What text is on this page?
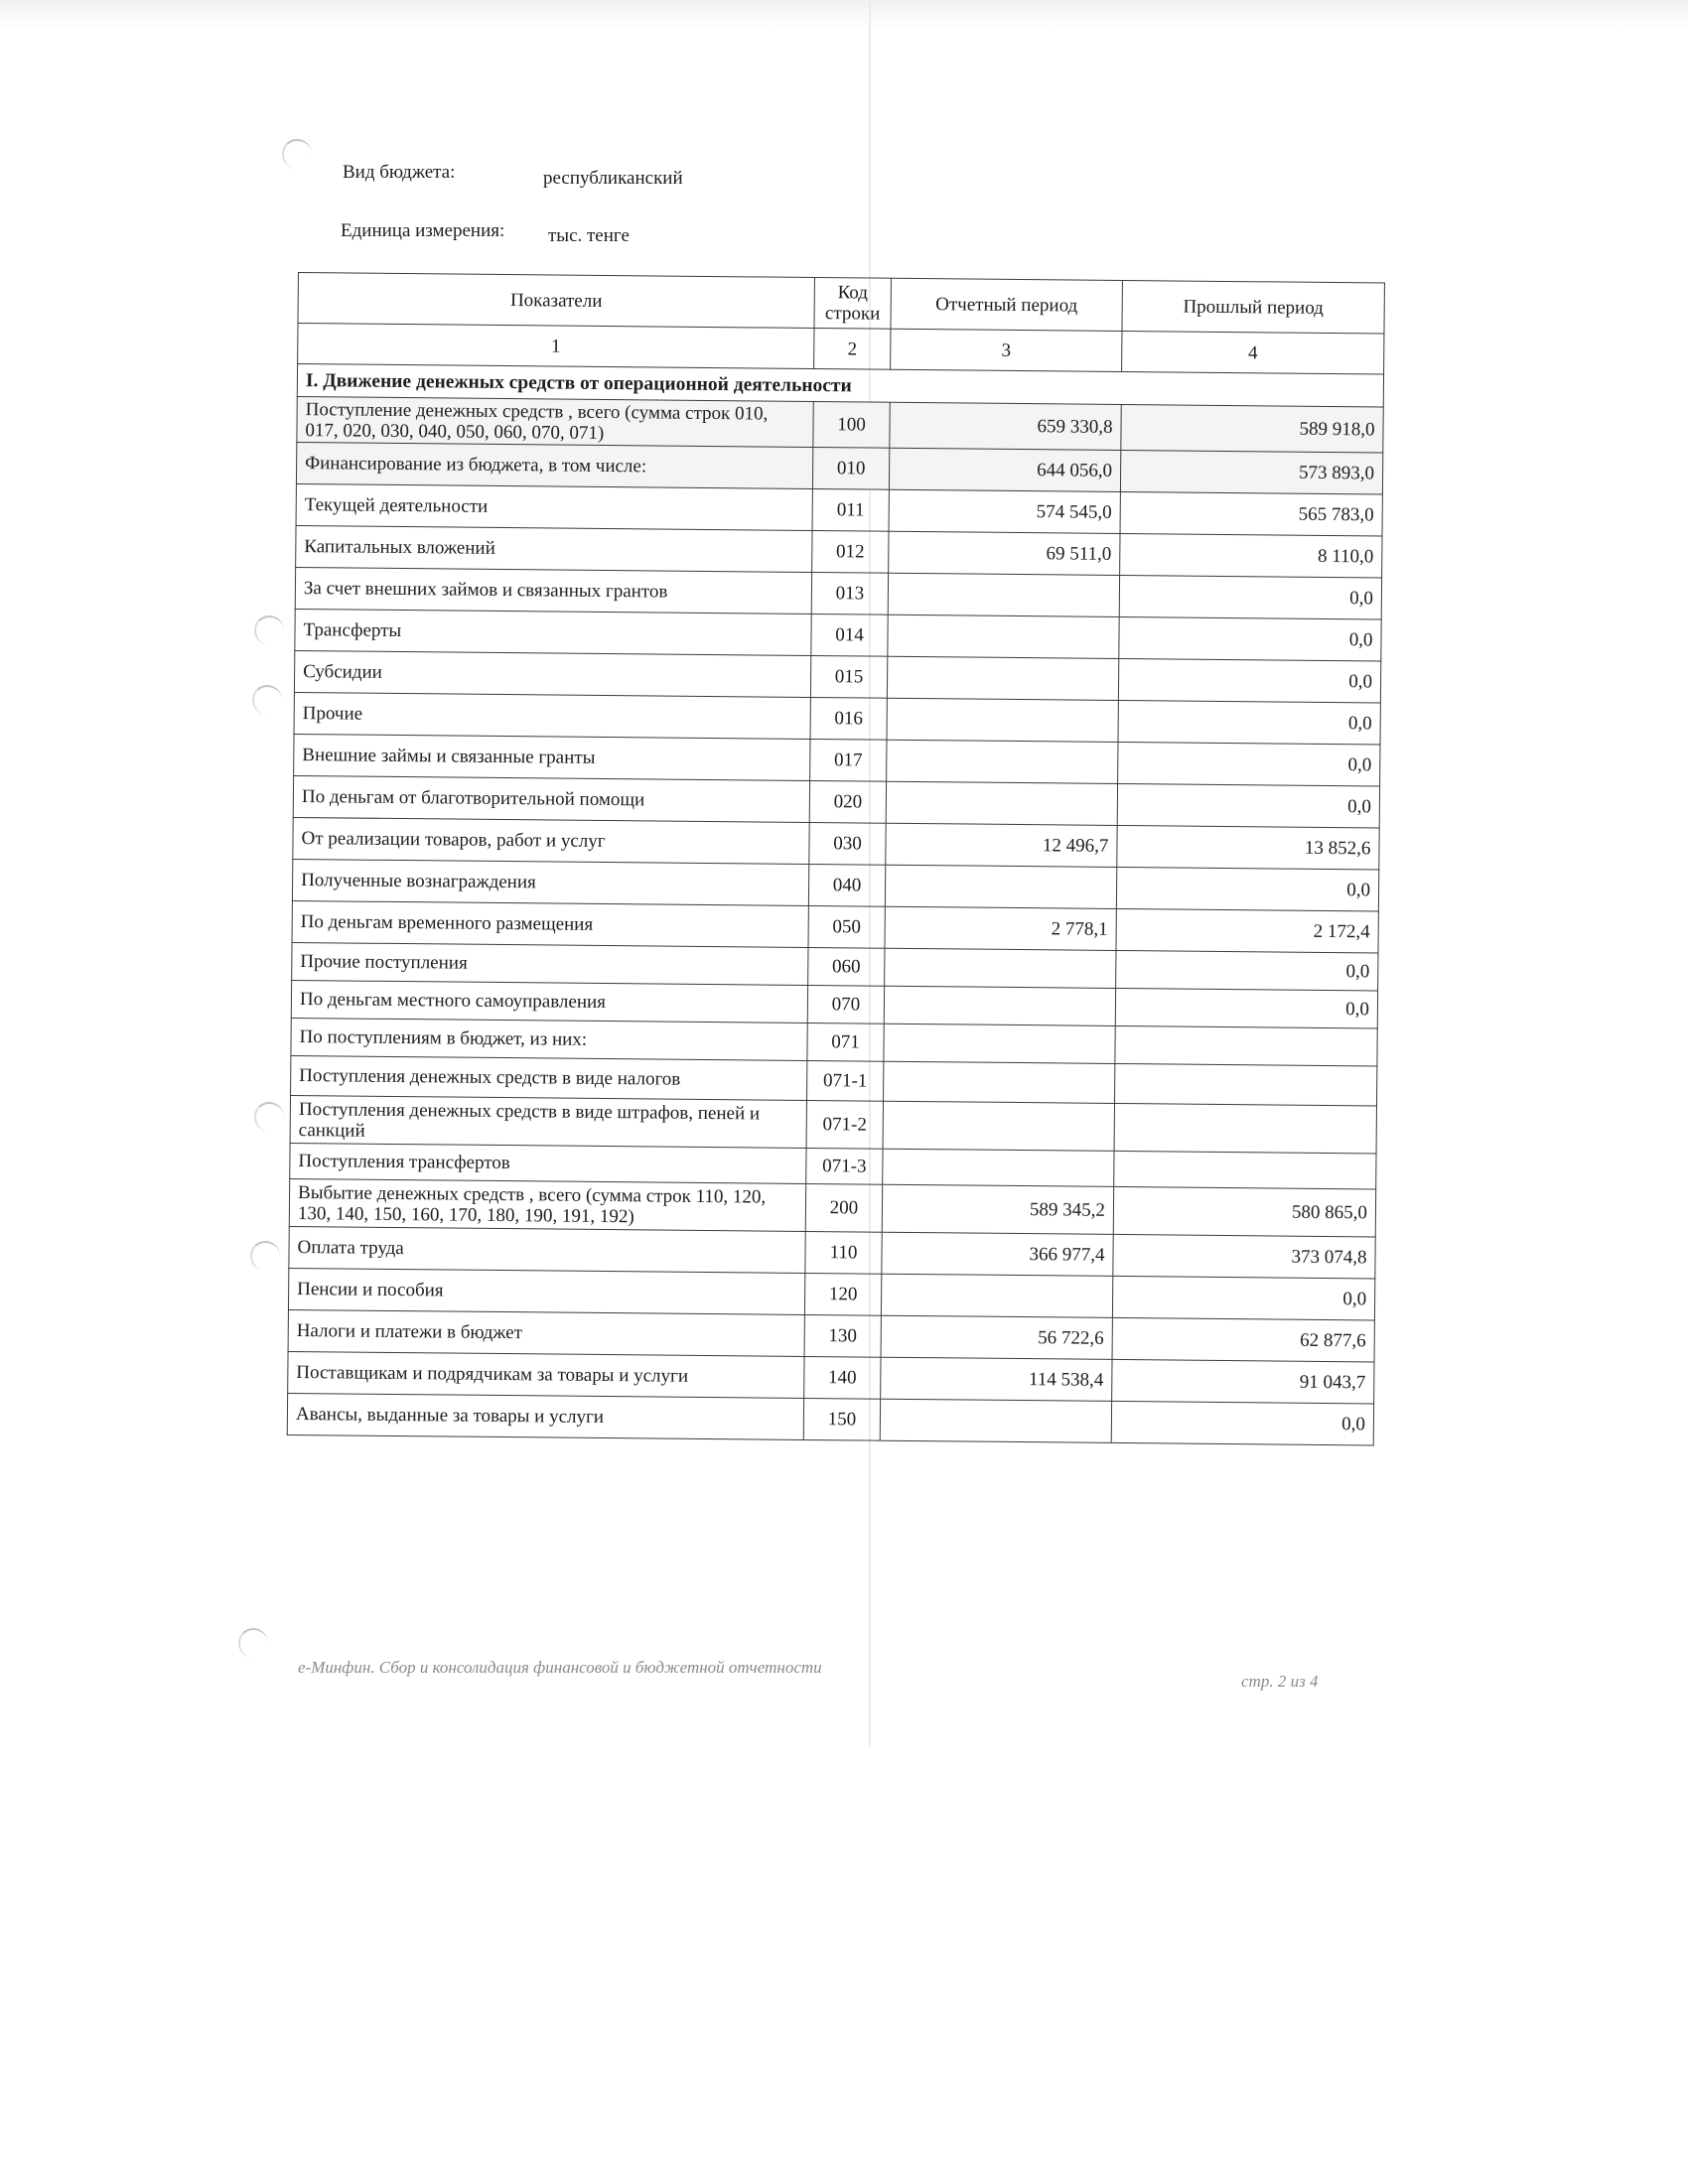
Вид бюджета:	республиканский
Единица измерения: тыс. тенге
Показатели	Код строки	Отчетный период	Прошлый период
1	2	3	4
I. Движение денежных средств от операционной деятельности			
Поступление денежных средств , всего (сумма строк 010, 017, 020, 030, 040, 050, 060, 070, 071)	100	659 330,8	589 918,0
Финансирование из бюджета, в том числе:	010	644 056,0	573 893,0
Текущей деятельности	011	574 545,0	565 783,0
Капитальных вложений	012	69 511,0	8 110,0
За счет внешних займов и связанных грантов	013		0,0
Трансферты	014		0,0
Субсидии	015		0,0
Прочие	016		0,0
Внешние займы и связанные гранты	017		0,0
По деньгам от благотворительной помощи	020		0,0
От реализации товаров, работ и услуг	030	12 496,7	13 852,6
Полученные вознаграждения	040		0,0
По деньгам временного размещения	050	2 778,1	2 172,4
Прочие поступления	060		0,0
По деньгам местного самоуправления	070		0,0
По поступлениям в бюджет, из них:	071		
Поступления денежных средств в виде налогов	071-1		
Поступления денежных средств в виде штрафов, пеней и санкций	071-2		
Поступления трансфертов	071-3		
Выбытие денежных средств , всего (сумма строк 110, 120, 130, 140, 150, 160, 170, 180, 190, 191, 192)	200	589 345,2	580 865,0
Оплата труда	110	366 977,4	373 074,8
Пенсии и пособия	120		0,0
Налоги и платежи в бюджет	130	56 722,6	62 877,6
Поставщикам и подрядчикам за товары и услуги	140	114 538,4	91 043,7
Авансы, выданные за товары и услуги	150		0,0
е-Минфин. Сбор и консолидация финансовой и бюджетной отчетности
стр. 2 из 4
